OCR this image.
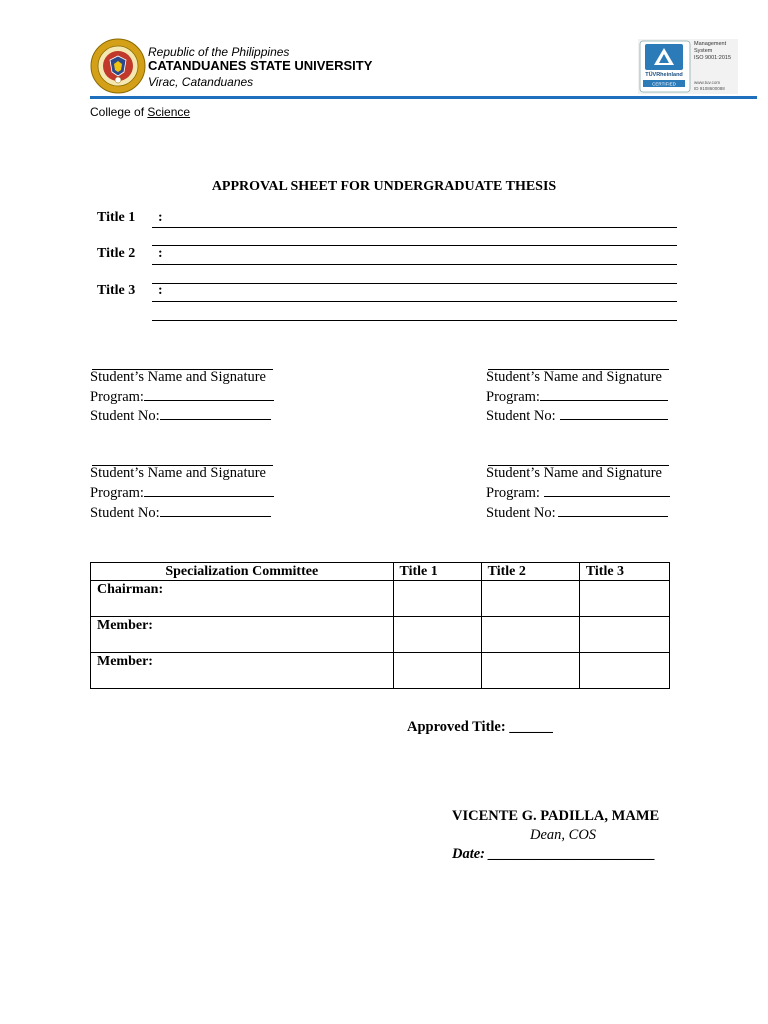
Republic of the Philippines
CATANDUANES STATE UNIVERSITY
Virac, Catanduanes	TÜVRheinland
CERTIFIED
Management
System
ISO 9001:2015
www.tuv.com
ID 9108600088
College of Science
APPROVAL SHEET FOR UNDERGRADUATE THESIS
Title 1 :
Title 2 :
Title 3 :
Student’s Name and Signature
Program:
Student No:
Student’s Name and Signature
Program:
Student No:
Student’s Name and Signature
Program:
Student No:
Student’s Name and Signature
Program:
Student No:
Specialization Committee	Title 1	Title 2	Title 3
Chairman:			
Member:			
Member:			
Approved Title: ______
VICENTE G. PADILLA, MAME
Dean, COS
Date: _______________________
